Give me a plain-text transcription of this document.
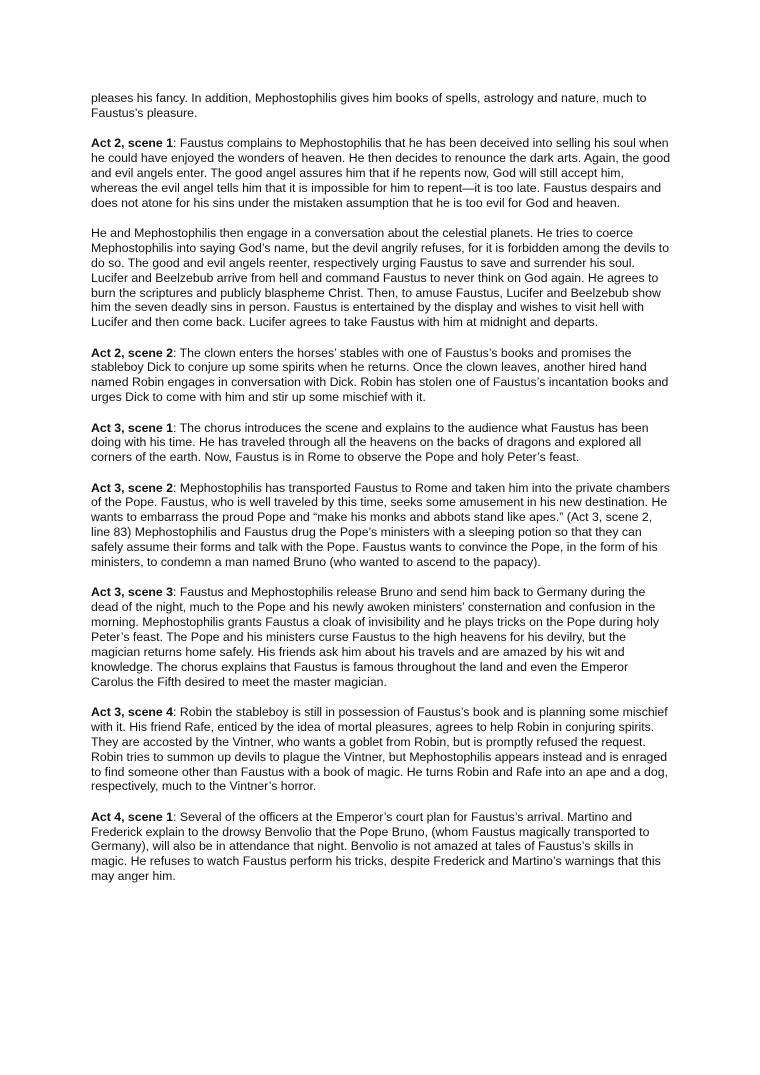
pleases his fancy. In addition, Mephostophilis gives him books of spells, astrology and nature, much to Faustus’s pleasure.

Act 2, scene 1: Faustus complains to Mephostophilis that he has been deceived into selling his soul when he could have enjoyed the wonders of heaven. He then decides to renounce the dark arts. Again, the good and evil angels enter. The good angel assures him that if he repents now, God will still accept him, whereas the evil angel tells him that it is impossible for him to repent—it is too late. Faustus despairs and does not atone for his sins under the mistaken assumption that he is too evil for God and heaven.

He and Mephostophilis then engage in a conversation about the celestial planets. He tries to coerce Mephostophilis into saying God’s name, but the devil angrily refuses, for it is forbidden among the devils to do so. The good and evil angels reenter, respectively urging Faustus to save and surrender his soul. Lucifer and Beelzebub arrive from hell and command Faustus to never think on God again. He agrees to burn the scriptures and publicly blaspheme Christ. Then, to amuse Faustus, Lucifer and Beelzebub show him the seven deadly sins in person. Faustus is entertained by the display and wishes to visit hell with Lucifer and then come back. Lucifer agrees to take Faustus with him at midnight and departs.

Act 2, scene 2: The clown enters the horses’ stables with one of Faustus’s books and promises the stableboy Dick to conjure up some spirits when he returns. Once the clown leaves, another hired hand named Robin engages in conversation with Dick. Robin has stolen one of Faustus’s incantation books and urges Dick to come with him and stir up some mischief with it.

Act 3, scene 1: The chorus introduces the scene and explains to the audience what Faustus has been doing with his time. He has traveled through all the heavens on the backs of dragons and explored all corners of the earth. Now, Faustus is in Rome to observe the Pope and holy Peter’s feast.

Act 3, scene 2: Mephostophilis has transported Faustus to Rome and taken him into the private chambers of the Pope. Faustus, who is well traveled by this time, seeks some amusement in his new destination. He wants to embarrass the proud Pope and “make his monks and abbots stand like apes.” (Act 3, scene 2, line 83) Mephostophilis and Faustus drug the Pope’s ministers with a sleeping potion so that they can safely assume their forms and talk with the Pope. Faustus wants to convince the Pope, in the form of his ministers, to condemn a man named Bruno (who wanted to ascend to the papacy).

Act 3, scene 3: Faustus and Mephostophilis release Bruno and send him back to Germany during the dead of the night, much to the Pope and his newly awoken ministers’ consternation and confusion in the morning. Mephostophilis grants Faustus a cloak of invisibility and he plays tricks on the Pope during holy Peter’s feast. The Pope and his ministers curse Faustus to the high heavens for his devilry, but the magician returns home safely. His friends ask him about his travels and are amazed by his wit and knowledge. The chorus explains that Faustus is famous throughout the land and even the Emperor Carolus the Fifth desired to meet the master magician.

Act 3, scene 4: Robin the stableboy is still in possession of Faustus’s book and is planning some mischief with it. His friend Rafe, enticed by the idea of mortal pleasures, agrees to help Robin in conjuring spirits. They are accosted by the Vintner, who wants a goblet from Robin, but is promptly refused the request. Robin tries to summon up devils to plague the Vintner, but Mephostophilis appears instead and is enraged to find someone other than Faustus with a book of magic. He turns Robin and Rafe into an ape and a dog, respectively, much to the Vintner’s horror.

Act 4, scene 1: Several of the officers at the Emperor’s court plan for Faustus’s arrival. Martino and Frederick explain to the drowsy Benvolio that the Pope Bruno, (whom Faustus magically transported to Germany), will also be in attendance that night. Benvolio is not amazed at tales of Faustus’s skills in magic. He refuses to watch Faustus perform his tricks, despite Frederick and Martino’s warnings that this may anger him.
